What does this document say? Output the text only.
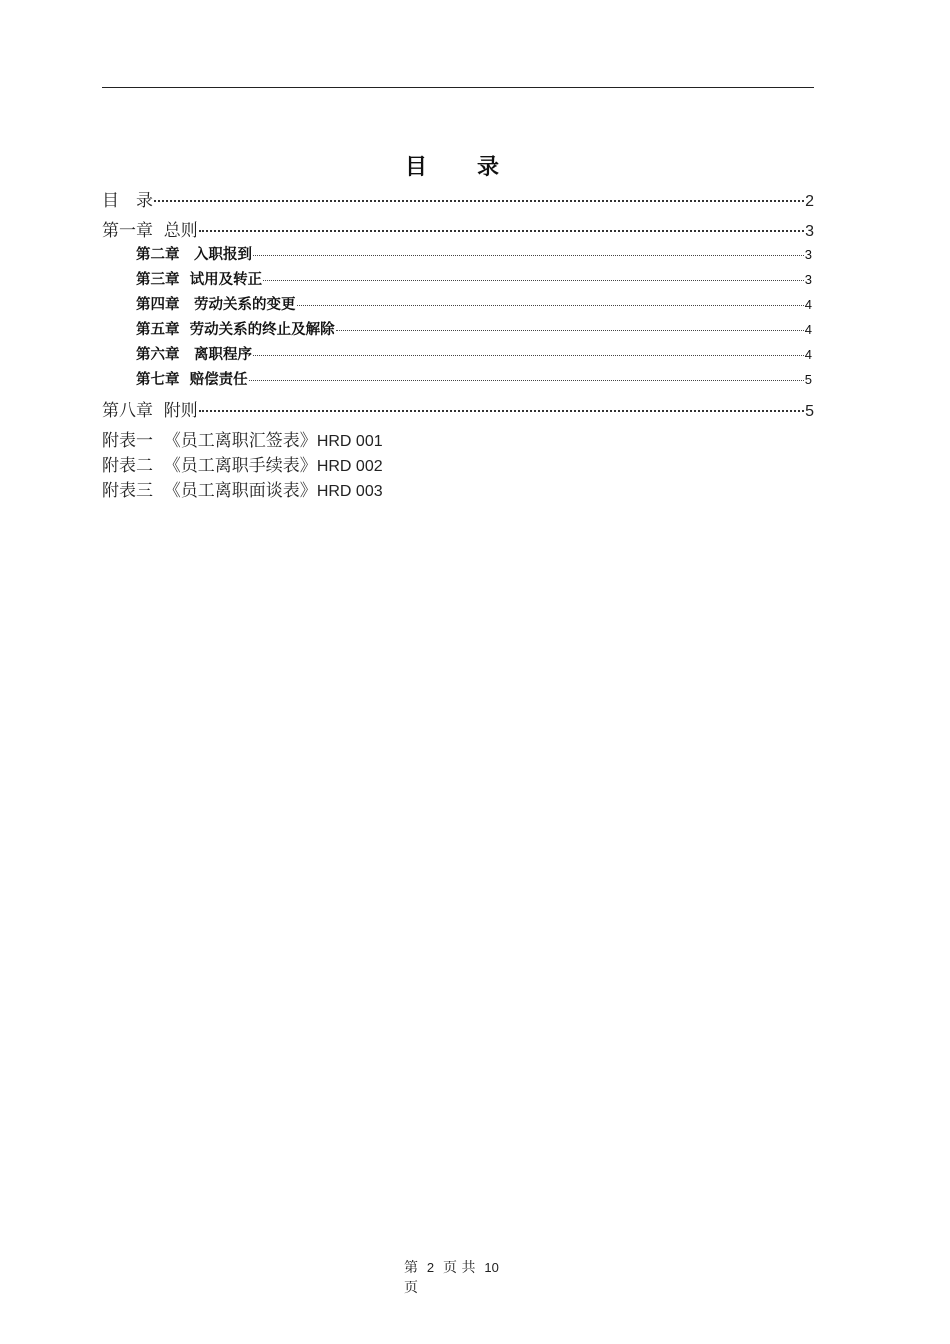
目　录
目　录	2
第一章  总则	3
第二章　入职报到	3
第三章  试用及转正	3
第四章　劳动关系的变更	4
第五章  劳动关系的终止及解除	4
第六章　离职程序	4
第七章  赔偿责任	5
第八章  附则	5
附表一  《员工离职汇签表》HRD 001
附表二  《员工离职手续表》HRD 002
附表三  《员工离职面谈表》HRD 003
第 2 页 共 10
页
